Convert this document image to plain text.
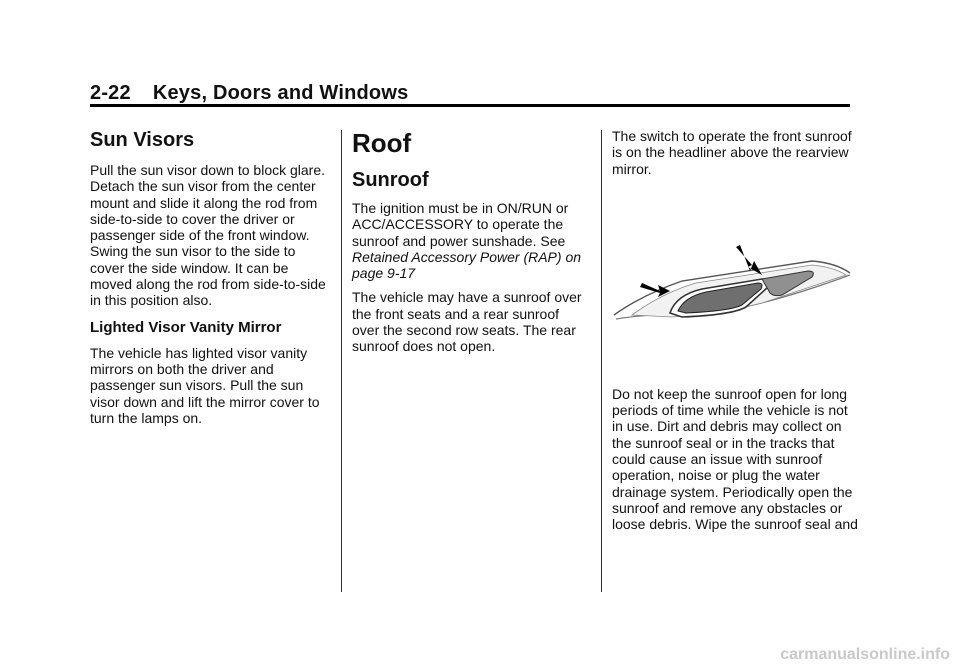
2-22 Keys, Doors and Windows
Sun Visors

Pull the sun visor down to block glare. Detach the sun visor from the center mount and slide it along the rod from side-to-side to cover the driver or passenger side of the front window. Swing the sun visor to the side to cover the side window. It can be moved along the rod from side-to-side in this position also.

Lighted Visor Vanity Mirror

The vehicle has lighted visor vanity mirrors on both the driver and passenger sun visors. Pull the sun visor down and lift the mirror cover to turn the lamps on.

Roof
Sunroof

The ignition must be in ON/RUN or ACC/ACCESSORY to operate the sunroof and power sunshade. See Retained Accessory Power (RAP) on page 9-17

The vehicle may have a sunroof over the front seats and a rear sunroof over the second row seats. The rear sunroof does not open.

The switch to operate the front sunroof is on the headliner above the rearview mirror.

Do not keep the sunroof open for long periods of time while the vehicle is not in use. Dirt and debris may collect on the sunroof seal or in the tracks that could cause an issue with sunroof operation, noise or plug the water drainage system. Periodically open the sunroof and remove any obstacles or loose debris. Wipe the sunroof seal and

carmanualsonline.info
